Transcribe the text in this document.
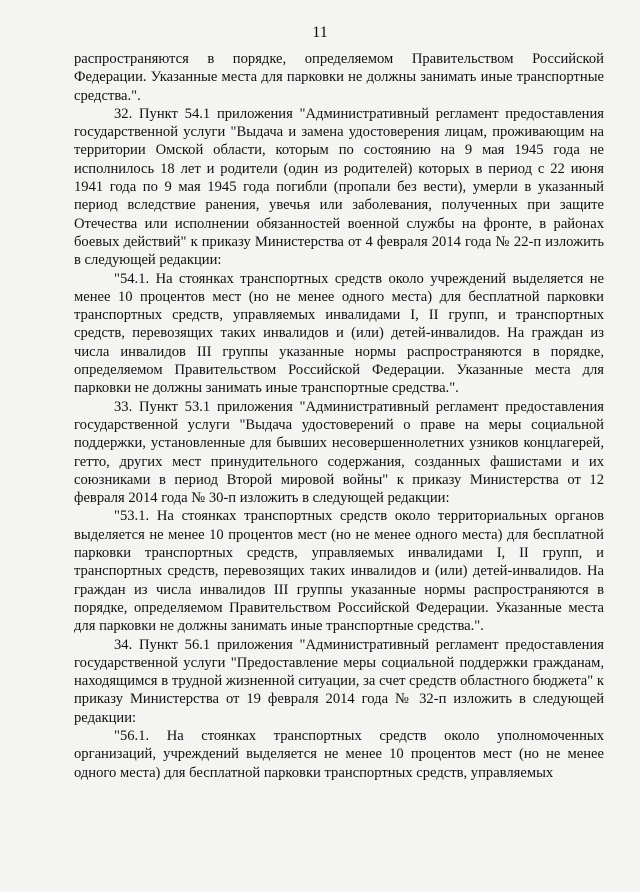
11

распространяются в порядке, определяемом Правительством Российской Федерации. Указанные места для парковки не должны занимать иные транспортные средства.".

32. Пункт 54.1 приложения "Административный регламент предоставления государственной услуги "Выдача и замена удостоверения лицам, проживающим на территории Омской области, которым по состоянию на 9 мая 1945 года не исполнилось 18 лет и родители (один из родителей) которых в период с 22 июня 1941 года по 9 мая 1945 года погибли (пропали без вести), умерли в указанный период вследствие ранения, увечья или заболевания, полученных при защите Отечества или исполнении обязанностей военной службы на фронте, в районах боевых действий" к приказу Министерства от 4 февраля 2014 года № 22-п изложить в следующей редакции:

"54.1. На стоянках транспортных средств около учреждений выделяется не менее 10 процентов мест (но не менее одного места) для бесплатной парковки транспортных средств, управляемых инвалидами I, II групп, и транспортных средств, перевозящих таких инвалидов и (или) детей-инвалидов. На граждан из числа инвалидов III группы указанные нормы распространяются в порядке, определяемом Правительством Российской Федерации. Указанные места для парковки не должны занимать иные транспортные средства.".

33. Пункт 53.1 приложения "Административный регламент предоставления государственной услуги "Выдача удостоверений о праве на меры социальной поддержки, установленные для бывших несовершеннолетних узников концлагерей, гетто, других мест принудительного содержания, созданных фашистами и их союзниками в период Второй мировой войны" к приказу Министерства от 12 февраля 2014 года № 30-п изложить в следующей редакции:

"53.1. На стоянках транспортных средств около территориальных органов выделяется не менее 10 процентов мест (но не менее одного места) для бесплатной парковки транспортных средств, управляемых инвалидами I, II групп, и транспортных средств, перевозящих таких инвалидов и (или) детей-инвалидов. На граждан из числа инвалидов III группы указанные нормы распространяются в порядке, определяемом Правительством Российской Федерации. Указанные места для парковки не должны занимать иные транспортные средства.".

34. Пункт 56.1 приложения "Административный регламент предоставления государственной услуги "Предоставление меры социальной поддержки гражданам, находящимся в трудной жизненной ситуации, за счет средств областного бюджета" к приказу Министерства от 19 февраля 2014 года № 32-п изложить в следующей редакции:

"56.1. На стоянках транспортных средств около уполномоченных организаций, учреждений выделяется не менее 10 процентов мест (но не менее одного места) для бесплатной парковки транспортных средств, управляемых
